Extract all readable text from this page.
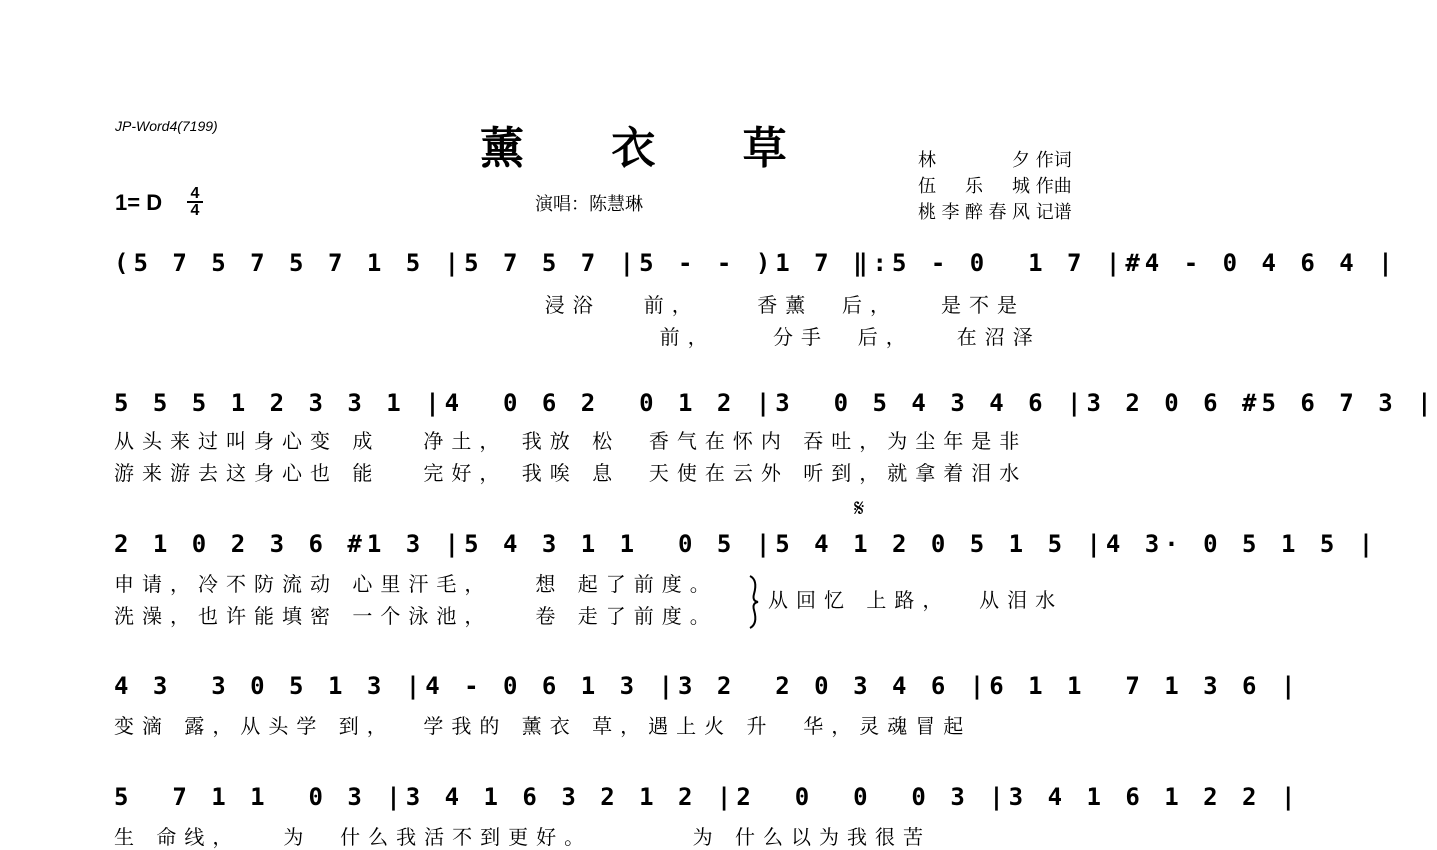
JP-Word4(7199)	薰 衣 草
1= D 4
4	演唱：陈慧琳
林　　夕 作词
伍　乐　城 作曲
桃李醉春风 记谱
(5 7 5 7 5 7 1 5 |5 7 5 7 |5 - - )1 7 ‖:5 - 0  1 7 |#4 - 0 4 6 4 |
浸浴   前，    香薰  后，   是不是
前，    分手  后，   在沼泽
5 5 5 1 2 3 3 1 |4  0 6 2  0 1 2 |3  0 5 4 3 4 6 |3 2 0 6 #5 6 7 3 |
从头来过叫身心变 成   净土， 我放 松  香气在怀内 吞吐，为尘年是非
游来游去这身心也 能   完好， 我唉 息  天使在云外 听到，就拿着泪水
𝄋
2 1 0 2 3 6 #1 3 |5 4 3 1 1  0 5 |5 4 1 2 0 5 1 5 |4 3· 0 5 1 5 |
申请，冷不防流动 心里汗毛，   想 起了前度。
洗澡，也许能填密 一个泳池，   卷 走了前度。
从回忆 上路，  从泪水
4 3  3 0 5 1 3 |4 - 0 6 1 3 |3 2  2 0 3 4 6 |6 1 1  7 1 3 6 |
变滴 露，从头学 到，  学我的 薰衣 草，遇上火 升  华，灵魂冒起
5  7 1 1  0 3 |3 4 1 6 3 2 1 2 |2  0  0  0 3 |3 4 1 6 1 2 2 |
生 命线，   为  什么我活不到更好。       为 什么以为我很苦
